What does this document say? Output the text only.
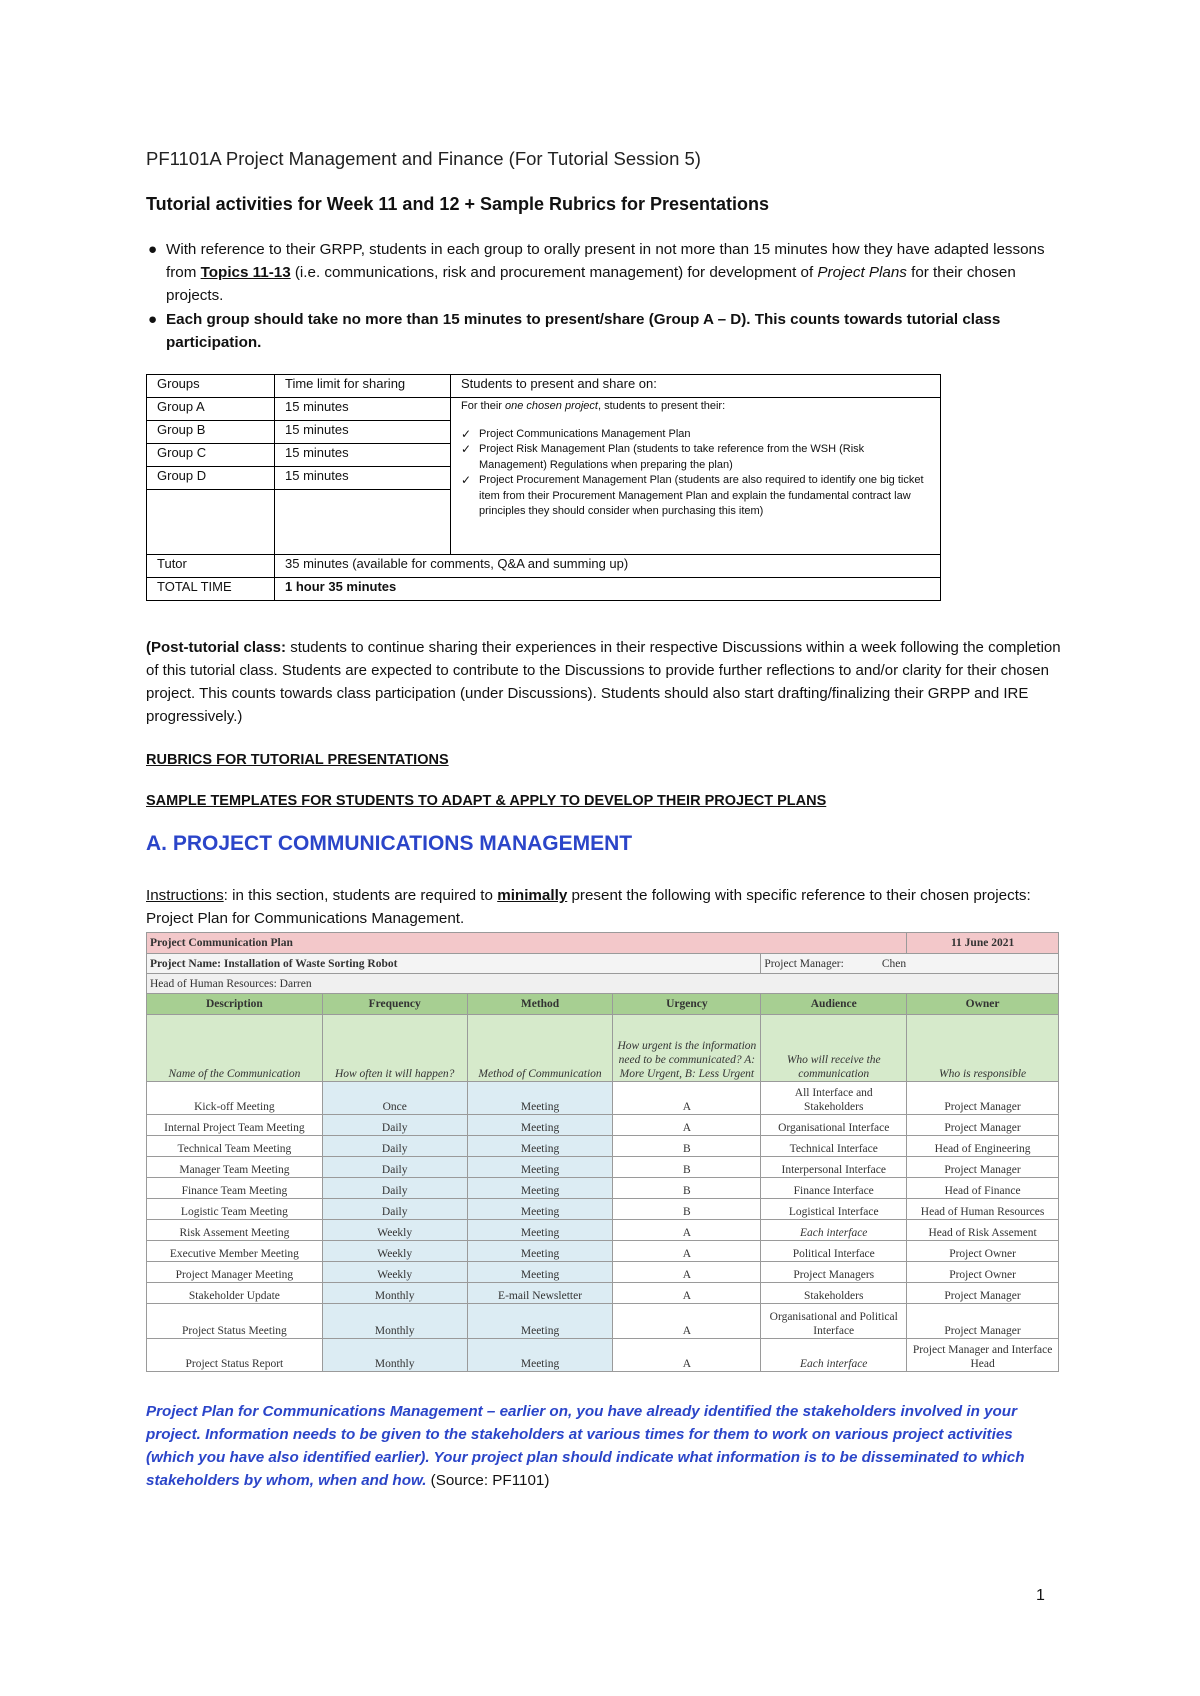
PF1101A Project Management and Finance (For Tutorial Session 5)
Tutorial activities for Week 11 and 12 + Sample Rubrics for Presentations
● With reference to their GRPP, students in each group to orally present in not more than 15 minutes how they have adapted lessons from Topics 11-13 (i.e. communications, risk and procurement management) for development of Project Plans for their chosen projects.
● Each group should take no more than 15 minutes to present/share (Group A – D). This counts towards tutorial class participation.
Groups	Time limit for sharing	Students to present and share on:
Group A	15 minutes	For their one chosen project, students to present their:
✓ Project Communications Management Plan
✓ Project Risk Management Plan (students to take reference from the WSH (Risk Management) Regulations when preparing the plan)
✓ Project Procurement Management Plan (students are also required to identify one big ticket item from their Procurement Management Plan and explain the fundamental contract law principles they should consider when purchasing this item)

Group B	15 minutes	
Group C	15 minutes	
Group D	15 minutes	

Tutor	35 minutes (available for comments, Q&A and summing up)	
TOTAL TIME	1 hour 35 minutes	
(Post-tutorial class: students to continue sharing their experiences in their respective Discussions within a week following the completion of this tutorial class. Students are expected to contribute to the Discussions to provide further reflections to and/or clarity for their chosen project. This counts towards class participation (under Discussions). Students should also start drafting/finalizing their GRPP and IRE progressively.)
RUBRICS FOR TUTORIAL PRESENTATIONS
SAMPLE TEMPLATES FOR STUDENTS TO ADAPT & APPLY TO DEVELOP THEIR PROJECT PLANS
A. PROJECT COMMUNICATIONS MANAGEMENT
Instructions: in this section, students are required to minimally present the following with specific reference to their chosen projects: Project Plan for Communications Management.
Project Communication Plan					11 June 2021
Project Name: Installation of Waste Sorting Robot				Project Manager: Chen	
Head of Human Resources: Darren					
Description	Frequency	Method	Urgency	Audience	Owner
Name of the Communication	How often it will happen?	Method of Communication	How urgent is the information need to be communicated? A: More Urgent, B: Less Urgent	Who will receive the communication	Who is responsible
Kick-off Meeting	Once	Meeting	A	All Interface and Stakeholders	Project Manager
Internal Project Team Meeting	Daily	Meeting	A	Organisational Interface	Project Manager
Technical Team Meeting	Daily	Meeting	B	Technical Interface	Head of Engineering
Manager Team Meeting	Daily	Meeting	B	Interpersonal Interface	Project Manager
Finance Team Meeting	Daily	Meeting	B	Finance Interface	Head of Finance
Logistic Team Meeting	Daily	Meeting	B	Logistical Interface	Head of Human Resources
Risk Assement Meeting	Weekly	Meeting	A	Each interface	Head of Risk Assement
Executive Member Meeting	Weekly	Meeting	A	Political Interface	Project Owner
Project Manager Meeting	Weekly	Meeting	A	Project Managers	Project Owner
Stakeholder Update	Monthly	E-mail Newsletter	A	Stakeholders	Project Manager
Project Status Meeting	Monthly	Meeting	A	Organisational and Political Interface	Project Manager
Project Status Report	Monthly	Meeting	A	Each interface	Project Manager and Interface Head
Project Plan for Communications Management – earlier on, you have already identified the stakeholders involved in your project. Information needs to be given to the stakeholders at various times for them to work on various project activities (which you have also identified earlier). Your project plan should indicate what information is to be disseminated to which stakeholders by whom, when and how. (Source: PF1101)
1
